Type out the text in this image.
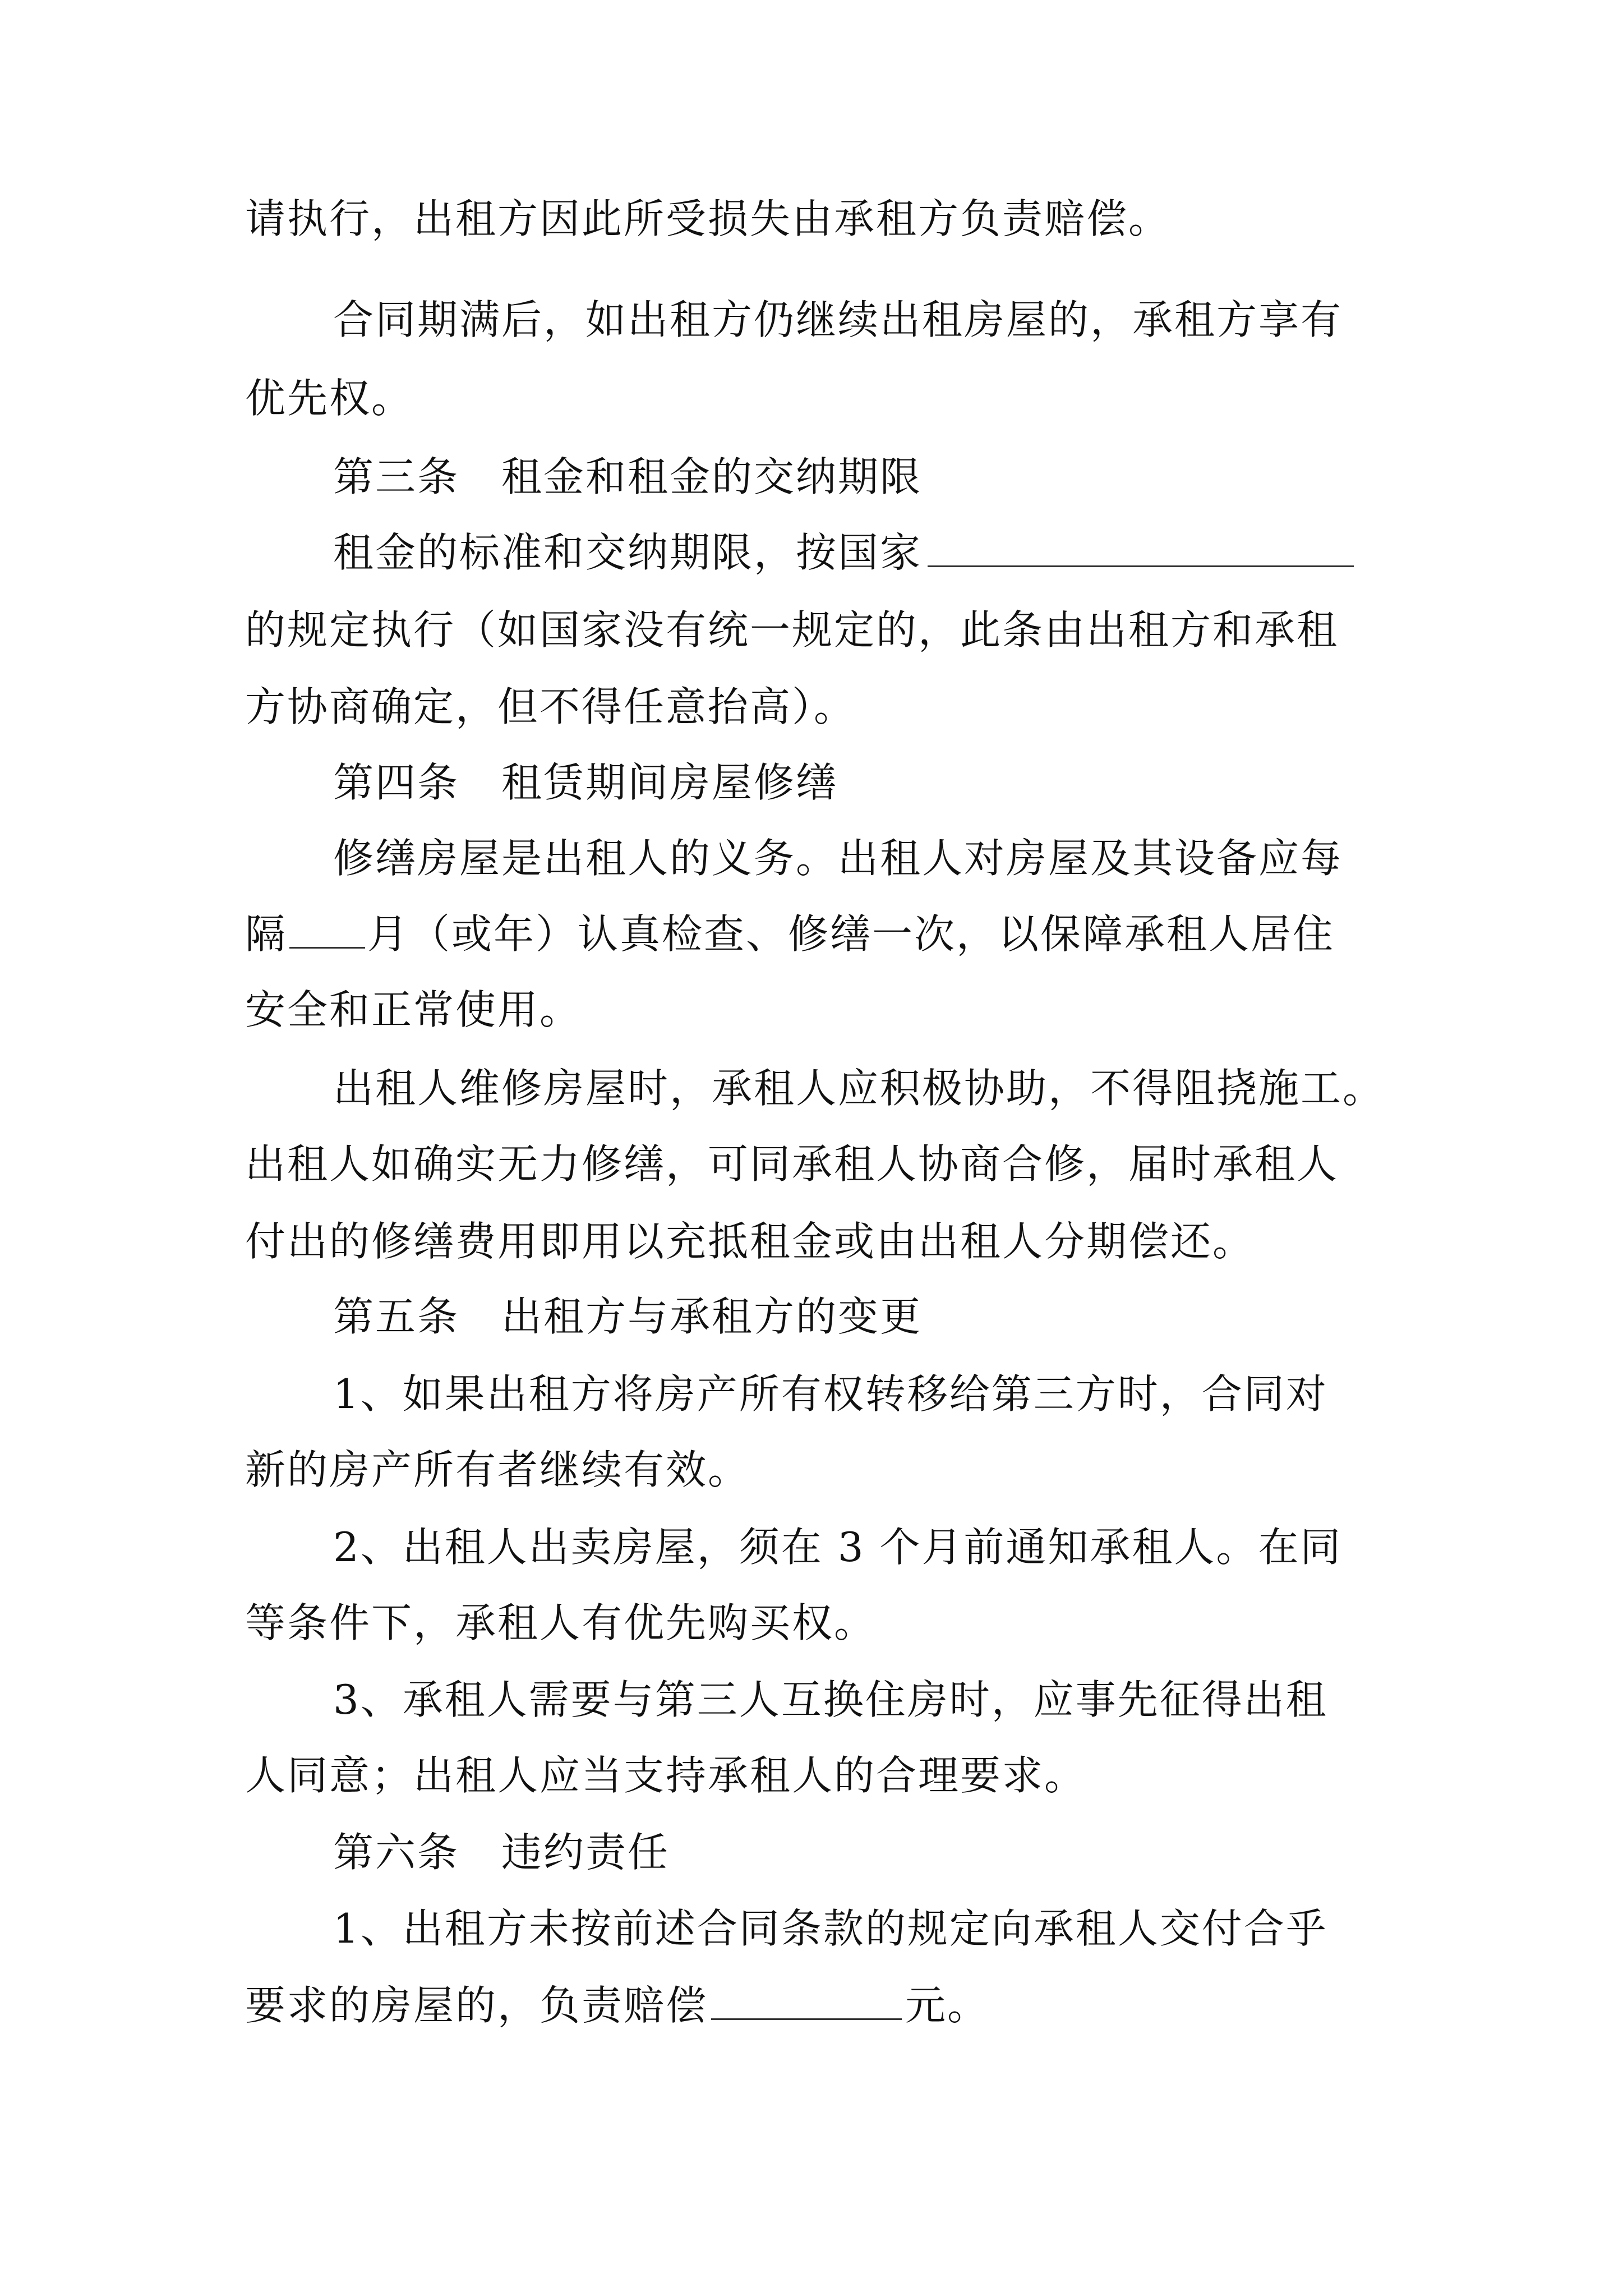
请执行，出租方因此所受损失由承租方负责赔偿。
合同期满后，如出租方仍继续出租房屋的，承租方享有
优先权。
第三条　租金和租金的交纳期限
租金的标准和交纳期限，按国家
的规定执行（如国家没有统一规定的，此条由出租方和承租
方协商确定，但不得任意抬高）。
第四条　租赁期间房屋修缮
修缮房屋是出租人的义务。出租人对房屋及其设备应每
隔 月（或年）认真检查、修缮一次，以保障承租人居住
安全和正常使用。
出租人维修房屋时，承租人应积极协助，不得阻挠施工。
出租人如确实无力修缮，可同承租人协商合修，届时承租人
付出的修缮费用即用以充抵租金或由出租人分期偿还。
第五条　出租方与承租方的变更
1、如果出租方将房产所有权转移给第三方时，合同对
新的房产所有者继续有效。
2、出租人出卖房屋，须在 3 个月前通知承租人。在同
等条件下，承租人有优先购买权。
3、承租人需要与第三人互换住房时，应事先征得出租
人同意；出租人应当支持承租人的合理要求。
第六条　违约责任
1、出租方未按前述合同条款的规定向承租人交付合乎
要求的房屋的，负责赔偿	元。
